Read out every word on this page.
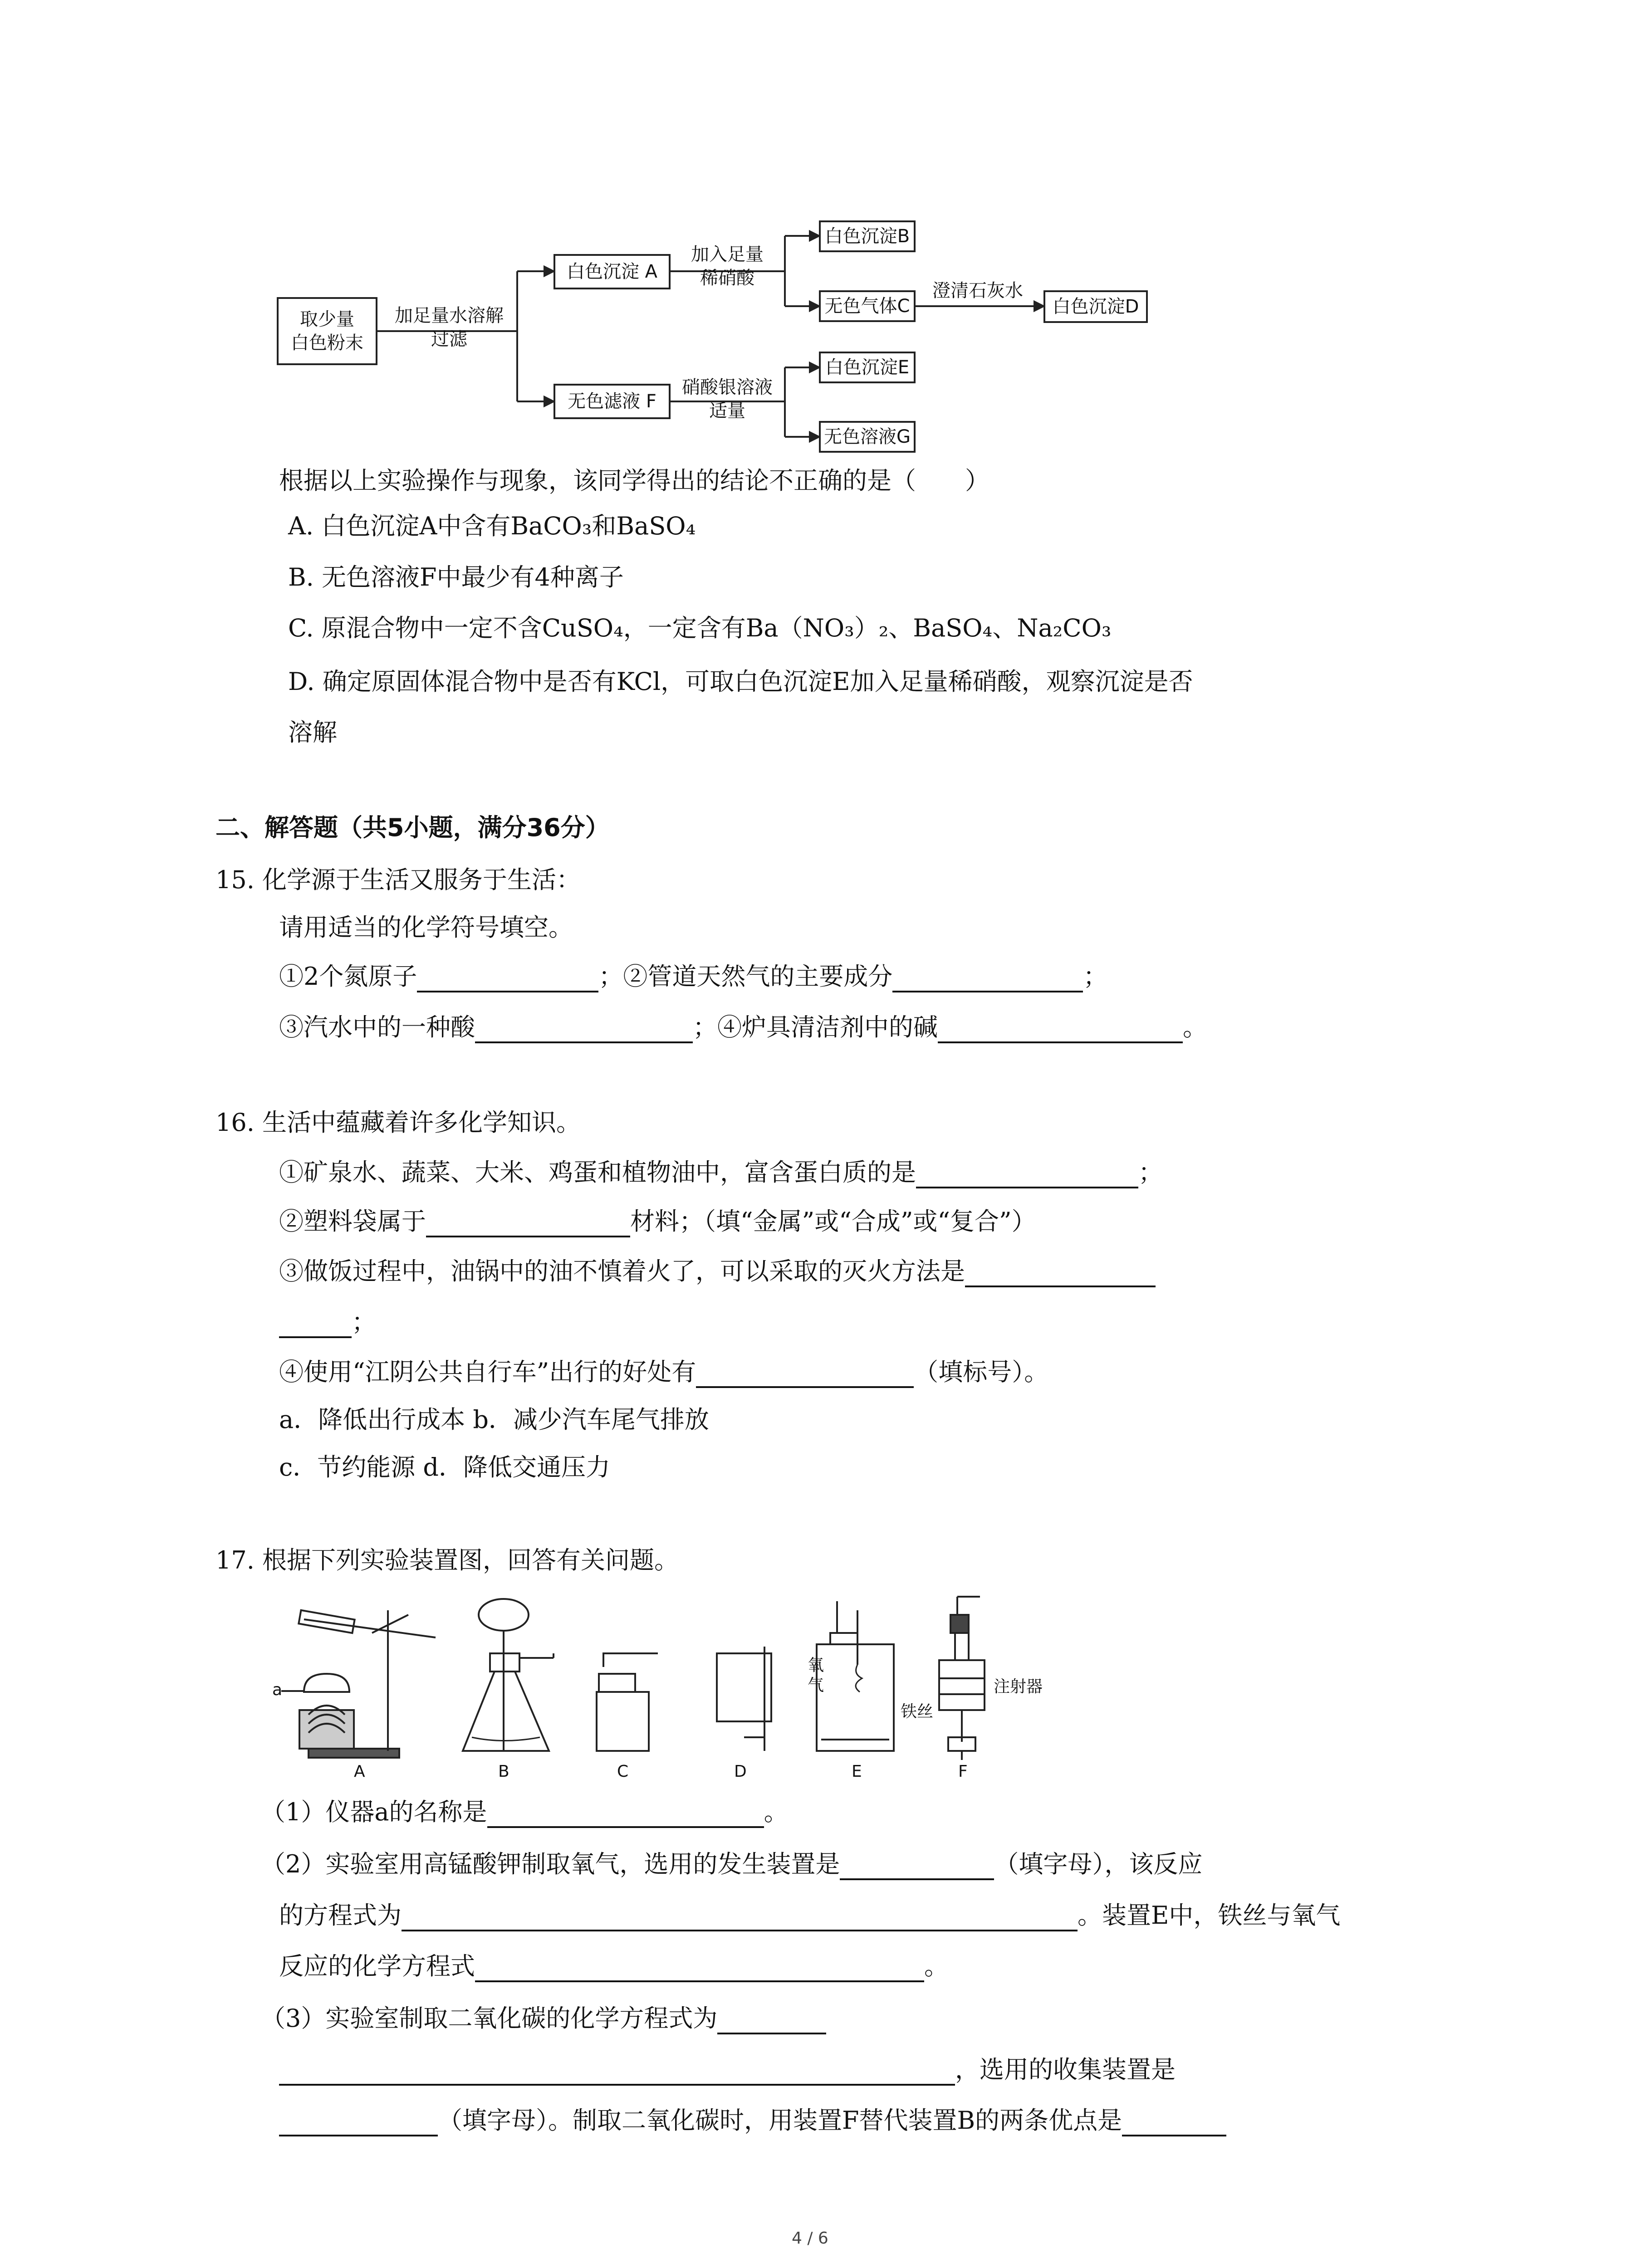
取少量
白色粉末
加足量水溶解
过滤
白色沉淀 A
加入足量
稀硝酸
白色沉淀B
无色气体C
澄清石灰水
白色沉淀D
无色滤液 F
硝酸银溶液
适量
白色沉淀E
无色溶液G
根据以上实验操作与现象，该同学得出的结论不正确的是（　　）
A. 白色沉淀A中含有BaCO₃和BaSO₄
B. 无色溶液F中最少有4种离子
C. 原混合物中一定不含CuSO₄，一定含有Ba（NO₃）₂、BaSO₄、Na₂CO₃
D. 确定原固体混合物中是否有KCl，可取白色沉淀E加入足量稀硝酸，观察沉淀是否
溶解
二、解答题（共5小题，满分36分）
15. 化学源于生活又服务于生活：
请用适当的化学符号填空。
①2个氮原子	；②管道天然气的主要成分	；
③汽水中的一种酸	；④炉具清洁剂中的碱	。
16. 生活中蕴藏着许多化学知识。
①矿泉水、蔬菜、大米、鸡蛋和植物油中，富含蛋白质的是	；
②塑料袋属于	材料；（填“金属”或“合成”或“复合”）
③做饭过程中，油锅中的油不慎着火了，可以采取的灭火方法是
；
④使用“江阴公共自行车”出行的好处有	（填标号）。
a．降低出行成本 b．减少汽车尾气排放
c．节约能源 d．降低交通压力
17. 根据下列实验装置图，回答有关问题。
a
氧
气
铁丝
注射器
A	B	C	D	E	F
（1）仪器a的名称是	。
（2）实验室用高锰酸钾制取氧气，选用的发生装置是	（填字母），该反应
的方程式为	。装置E中，铁丝与氧气
反应的化学方程式	。
（3）实验室制取二氧化碳的化学方程式为
，选用的收集装置是
（填字母）。制取二氧化碳时，用装置F替代装置B的两条优点是
4 / 6
